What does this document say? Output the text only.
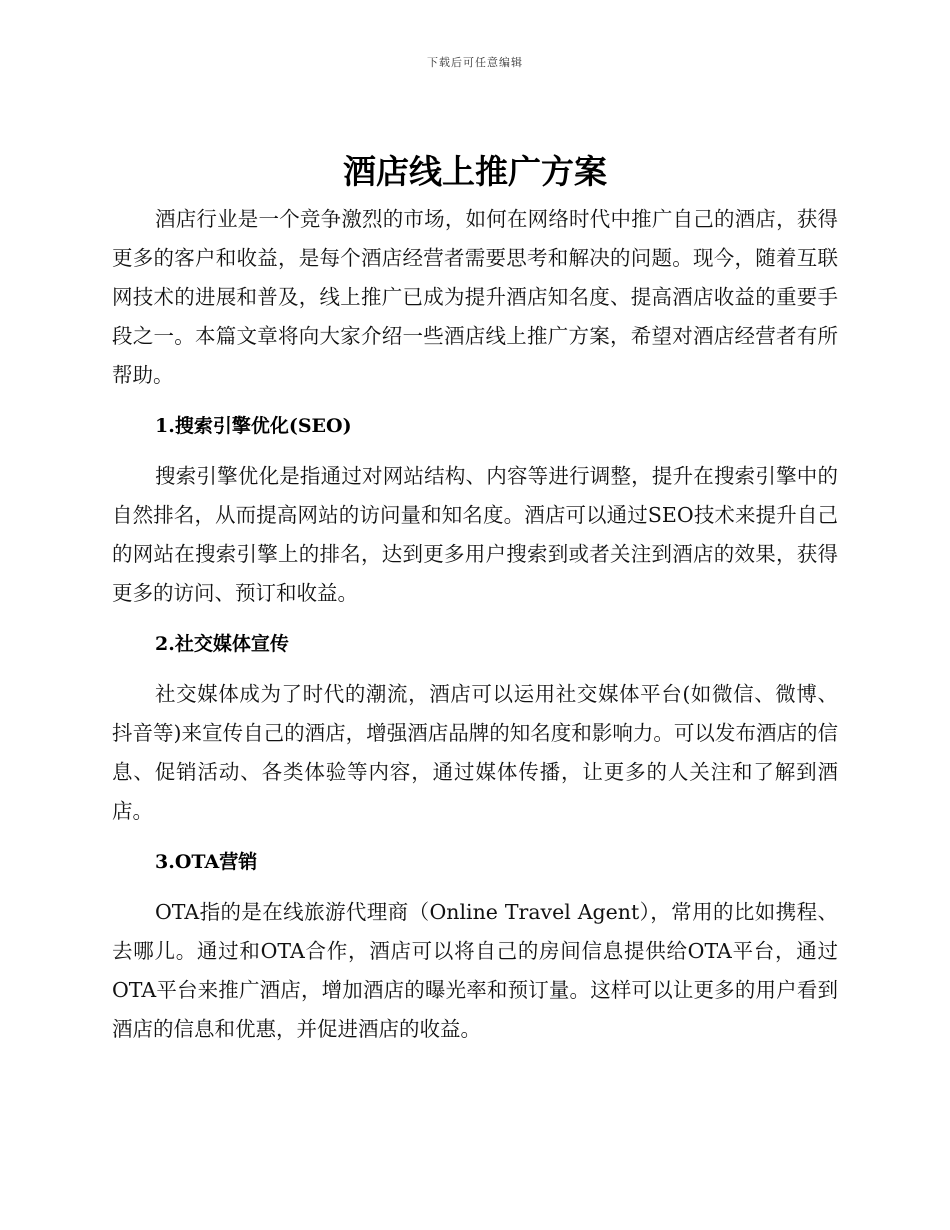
下载后可任意编辑
酒店线上推广方案

酒店行业是一个竞争激烈的市场，如何在网络时代中推广自己的酒店，获得更多的客户和收益，是每个酒店经营者需要思考和解决的问题。现今，随着互联网技术的进展和普及，线上推广已成为提升酒店知名度、提高酒店收益的重要手段之一。本篇文章将向大家介绍一些酒店线上推广方案，希望对酒店经营者有所帮助。

1.搜索引擎优化(SEO)

搜索引擎优化是指通过对网站结构、内容等进行调整，提升在搜索引擎中的自然排名，从而提高网站的访问量和知名度。酒店可以通过SEO技术来提升自己的网站在搜索引擎上的排名，达到更多用户搜索到或者关注到酒店的效果，获得更多的访问、预订和收益。

2.社交媒体宣传

社交媒体成为了时代的潮流，酒店可以运用社交媒体平台(如微信、微博、抖音等)来宣传自己的酒店，增强酒店品牌的知名度和影响力。可以发布酒店的信息、促销活动、各类体验等内容，通过媒体传播，让更多的人关注和了解到酒店。

3.OTA营销

OTA指的是在线旅游代理商（Online Travel Agent），常用的比如携程、去哪儿。通过和OTA合作，酒店可以将自己的房间信息提供给OTA平台，通过OTA平台来推广酒店，增加酒店的曝光率和预订量。这样可以让更多的用户看到酒店的信息和优惠，并促进酒店的收益。
